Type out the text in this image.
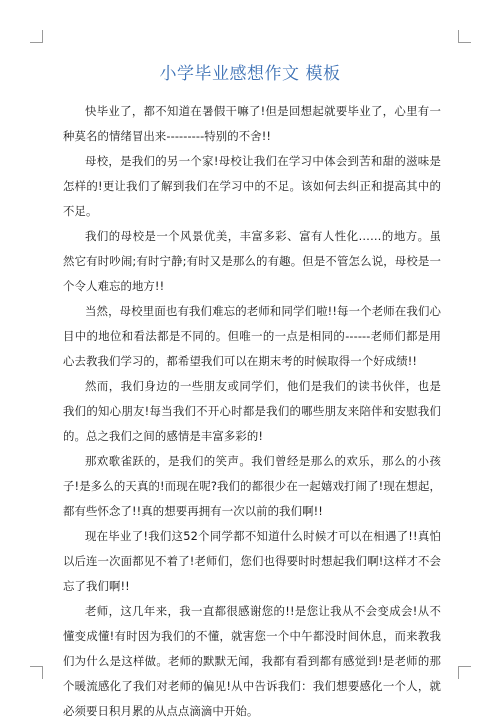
小学毕业感想作文 模板

快毕业了，都不知道在暑假干嘛了!但是回想起就要毕业了，心里有一种莫名的情绪冒出来---------特别的不舍!!

母校，是我们的另一个家!母校让我们在学习中体会到苦和甜的滋味是怎样的!更让我们了解到我们在学习中的不足。该如何去纠正和提高其中的不足。

我们的母校是一个风景优美，丰富多彩、富有人性化……的地方。虽然它有时吵闹;有时宁静;有时又是那么的有趣。但是不管怎么说，母校是一个令人难忘的地方!!

当然，母校里面也有我们难忘的老师和同学们啦!!每一个老师在我们心目中的地位和看法都是不同的。但唯一的一点是相同的------老师们都是用心去教我们学习的，都希望我们可以在期末考的时候取得一个好成绩!!

然而，我们身边的一些朋友或同学们，他们是我们的读书伙伴，也是我们的知心朋友!每当我们不开心时都是我们的哪些朋友来陪伴和安慰我们的。总之我们之间的感情是丰富多彩的!

那欢歌雀跃的，是我们的笑声。我们曾经是那么的欢乐，那么的小孩子!是多么的天真的!而现在呢?我们的都很少在一起嬉戏打闹了!现在想起，都有些怀念了!!真的想要再拥有一次以前的我们啊!!

现在毕业了!我们这52个同学都不知道什么时候才可以在相遇了!!真怕以后连一次面都见不着了!老师们，您们也得要时时想起我们啊!这样才不会忘了我们啊!!

老师，这几年来，我一直都很感谢您的!!是您让我从不会变成会!从不懂变成懂!有时因为我们的不懂，就害您一个中午都没时间休息，而来教我们为什么是这样做。老师的默默无闻，我都有看到都有感觉到!是老师的那个暖流感化了我们对老师的偏见!从中告诉我们：我们想要感化一个人，就必须要日积月累的从点点滴滴中开始。
